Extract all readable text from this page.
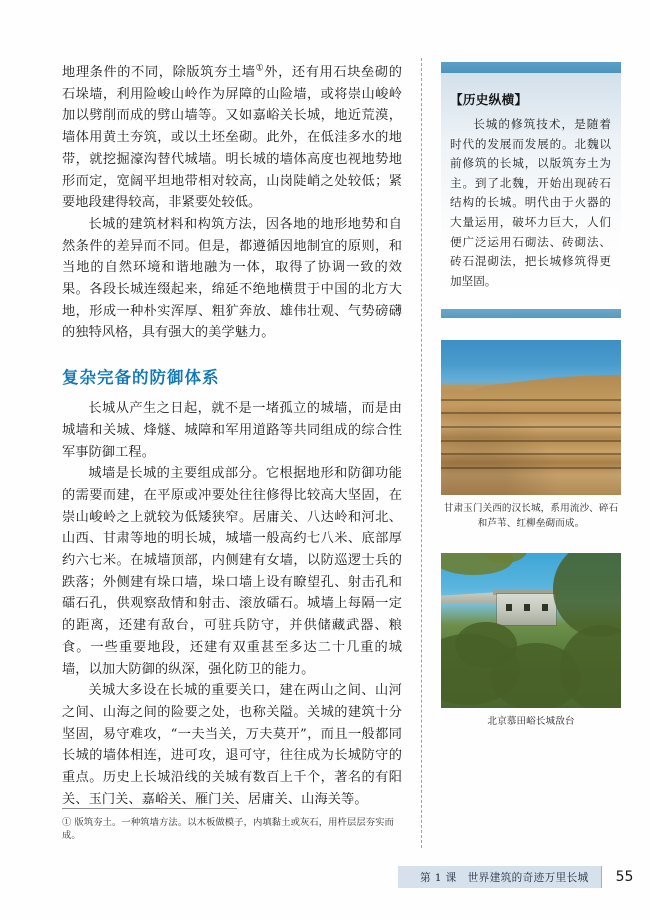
地理条件的不同，除版筑夯土墙①外，还有用石块垒砌的石垛墙，利用险峻山岭作为屏障的山险墙，或将崇山峻岭加以劈削而成的劈山墙等。又如嘉峪关长城，地近荒漠，墙体用黄土夯筑，或以土坯垒砌。此外，在低洼多水的地带，就挖掘濠沟替代城墙。明长城的墙体高度也视地势地形而定，宽阔平坦地带相对较高，山岗陡峭之处较低；紧要地段建得较高，非紧要处较低。

长城的建筑材料和构筑方法，因各地的地形地势和自然条件的差异而不同。但是，都遵循因地制宜的原则，和当地的自然环境和谐地融为一体，取得了协调一致的效果。各段长城连缀起来，绵延不绝地横贯于中国的北方大地，形成一种朴实浑厚、粗犷奔放、雄伟壮观、气势磅礴的独特风格，具有强大的美学魅力。

复杂完备的防御体系

长城从产生之日起，就不是一堵孤立的城墙，而是由城墙和关城、烽燧、城障和军用道路等共同组成的综合性军事防御工程。

城墙是长城的主要组成部分。它根据地形和防御功能的需要而建，在平原或冲要处往往修得比较高大坚固，在崇山峻岭之上就较为低矮狭窄。居庸关、八达岭和河北、山西、甘肃等地的明长城，城墙一般高约七八米、底部厚约六七米。在城墙顶部，内侧建有女墙，以防巡逻士兵的跌落；外侧建有垛口墙，垛口墙上设有瞭望孔、射击孔和礌石孔，供观察敌情和射击、滚放礌石。城墙上每隔一定的距离，还建有敌台，可驻兵防守，并供储藏武器、粮食。一些重要地段，还建有双重甚至多达二十几重的城墙，以加大防御的纵深，强化防卫的能力。

关城大多设在长城的重要关口，建在两山之间、山河之间、山海之间的险要之处，也称关隘。关城的建筑十分坚固，易守难攻，“一夫当关，万夫莫开”，而且一般都同长城的墙体相连，进可攻，退可守，往往成为长城防守的重点。历史上长城沿线的关城有数百上千个，著名的有阳关、玉门关、嘉峪关、雁门关、居庸关、山海关等。

① 版筑夯土。一种筑墙方法。以木板做模子，内填黏土或灰石，用杵层层夯实而成。
【历史纵横】
长城的修筑技术，是随着时代的发展而发展的。北魏以前修筑的长城，以版筑夯土为主。到了北魏，开始出现砖石结构的长城。明代由于火器的大量运用，破坏力巨大，人们便广泛运用石砌法、砖砌法、砖石混砌法，把长城修筑得更加坚固。
甘肃玉门关西的汉长城，系用流沙、碎石和芦苇、红柳垒砌而成。
北京慕田峪长城敌台
第 1 课　世界建筑的奇迹万里长城	55
